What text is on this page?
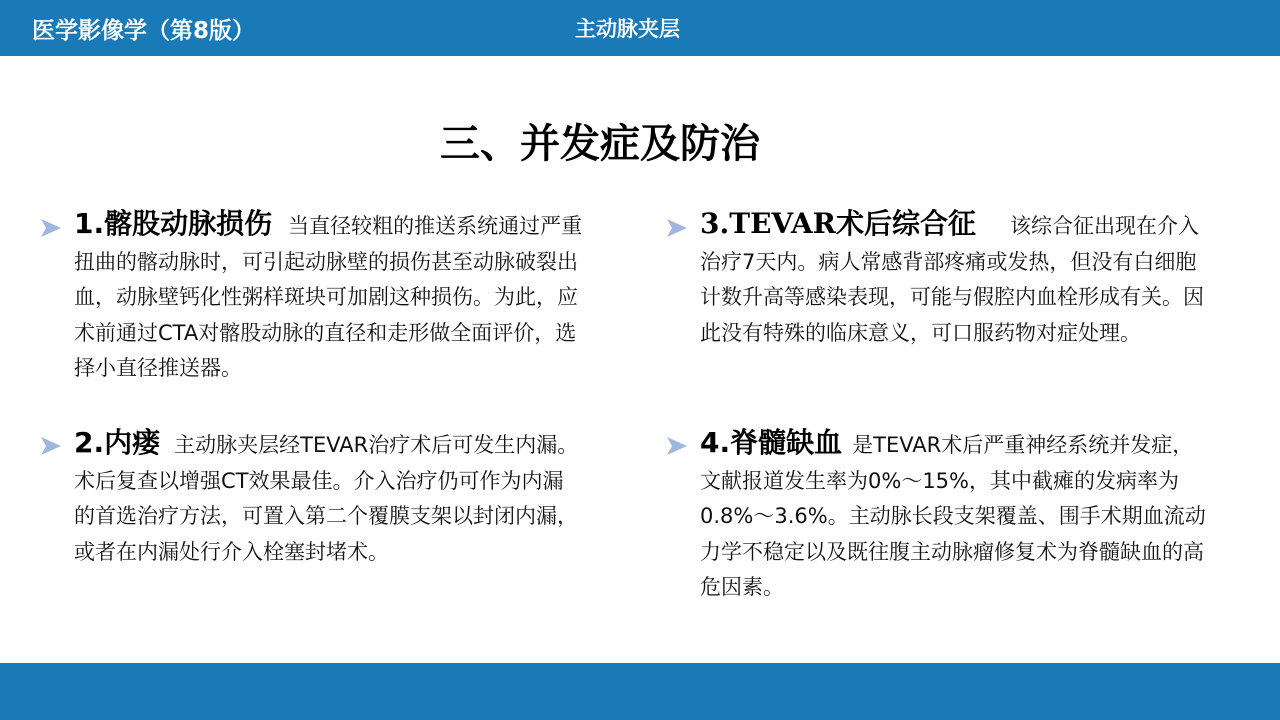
医学影像学（第8版）	主动脉夹层
三、并发症及防治
1.髂股动脉损伤 当直径较粗的推送系统通过严重扭曲的髂动脉时，可引起动脉壁的损伤甚至动脉破裂出血，动脉壁钙化性粥样斑块可加剧这种损伤。为此，应术前通过CTA对髂股动脉的直径和走形做全面评价，选择小直径推送器。
2.内瘘 主动脉夹层经TEVAR治疗术后可发生内漏。术后复查以增强CT效果最佳。介入治疗仍可作为内漏的首选治疗方法，可置入第二个覆膜支架以封闭内漏，或者在内漏处行介入栓塞封堵术。
3.TEVAR术后综合征 该综合征出现在介入治疗7天内。病人常感背部疼痛或发热，但没有白细胞计数升高等感染表现，可能与假腔内血栓形成有关。因此没有特殊的临床意义，可口服药物对症处理。
4.脊髓缺血 是TEVAR术后严重神经系统并发症，文献报道发生率为0%～15%，其中截瘫的发病率为0.8%～3.6%。主动脉长段支架覆盖、围手术期血流动力学不稳定以及既往腹主动脉瘤修复术为脊髓缺血的高危因素。
